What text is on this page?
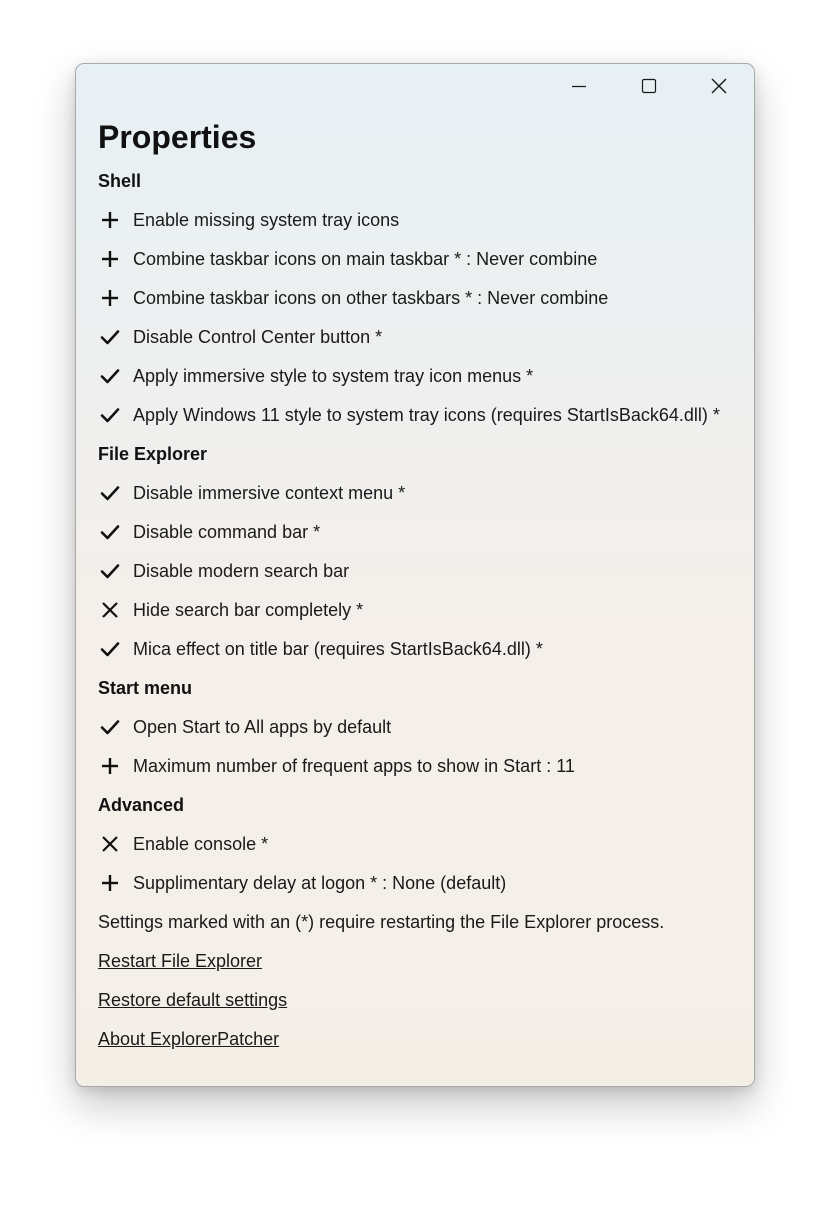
Properties
Shell
Enable missing system tray icons
Combine taskbar icons on main taskbar * : Never combine
Combine taskbar icons on other taskbars * : Never combine
Disable Control Center button *
Apply immersive style to system tray icon menus *
Apply Windows 11 style to system tray icons (requires StartIsBack64.dll) *
File Explorer
Disable immersive context menu *
Disable command bar *
Disable modern search bar
Hide search bar completely *
Mica effect on title bar (requires StartIsBack64.dll) *
Start menu
Open Start to All apps by default
Maximum number of frequent apps to show in Start : 11
Advanced
Enable console *
Supplimentary delay at logon * : None (default)
Settings marked with an (*) require restarting the File Explorer process.
Restart File Explorer
Restore default settings
About ExplorerPatcher
